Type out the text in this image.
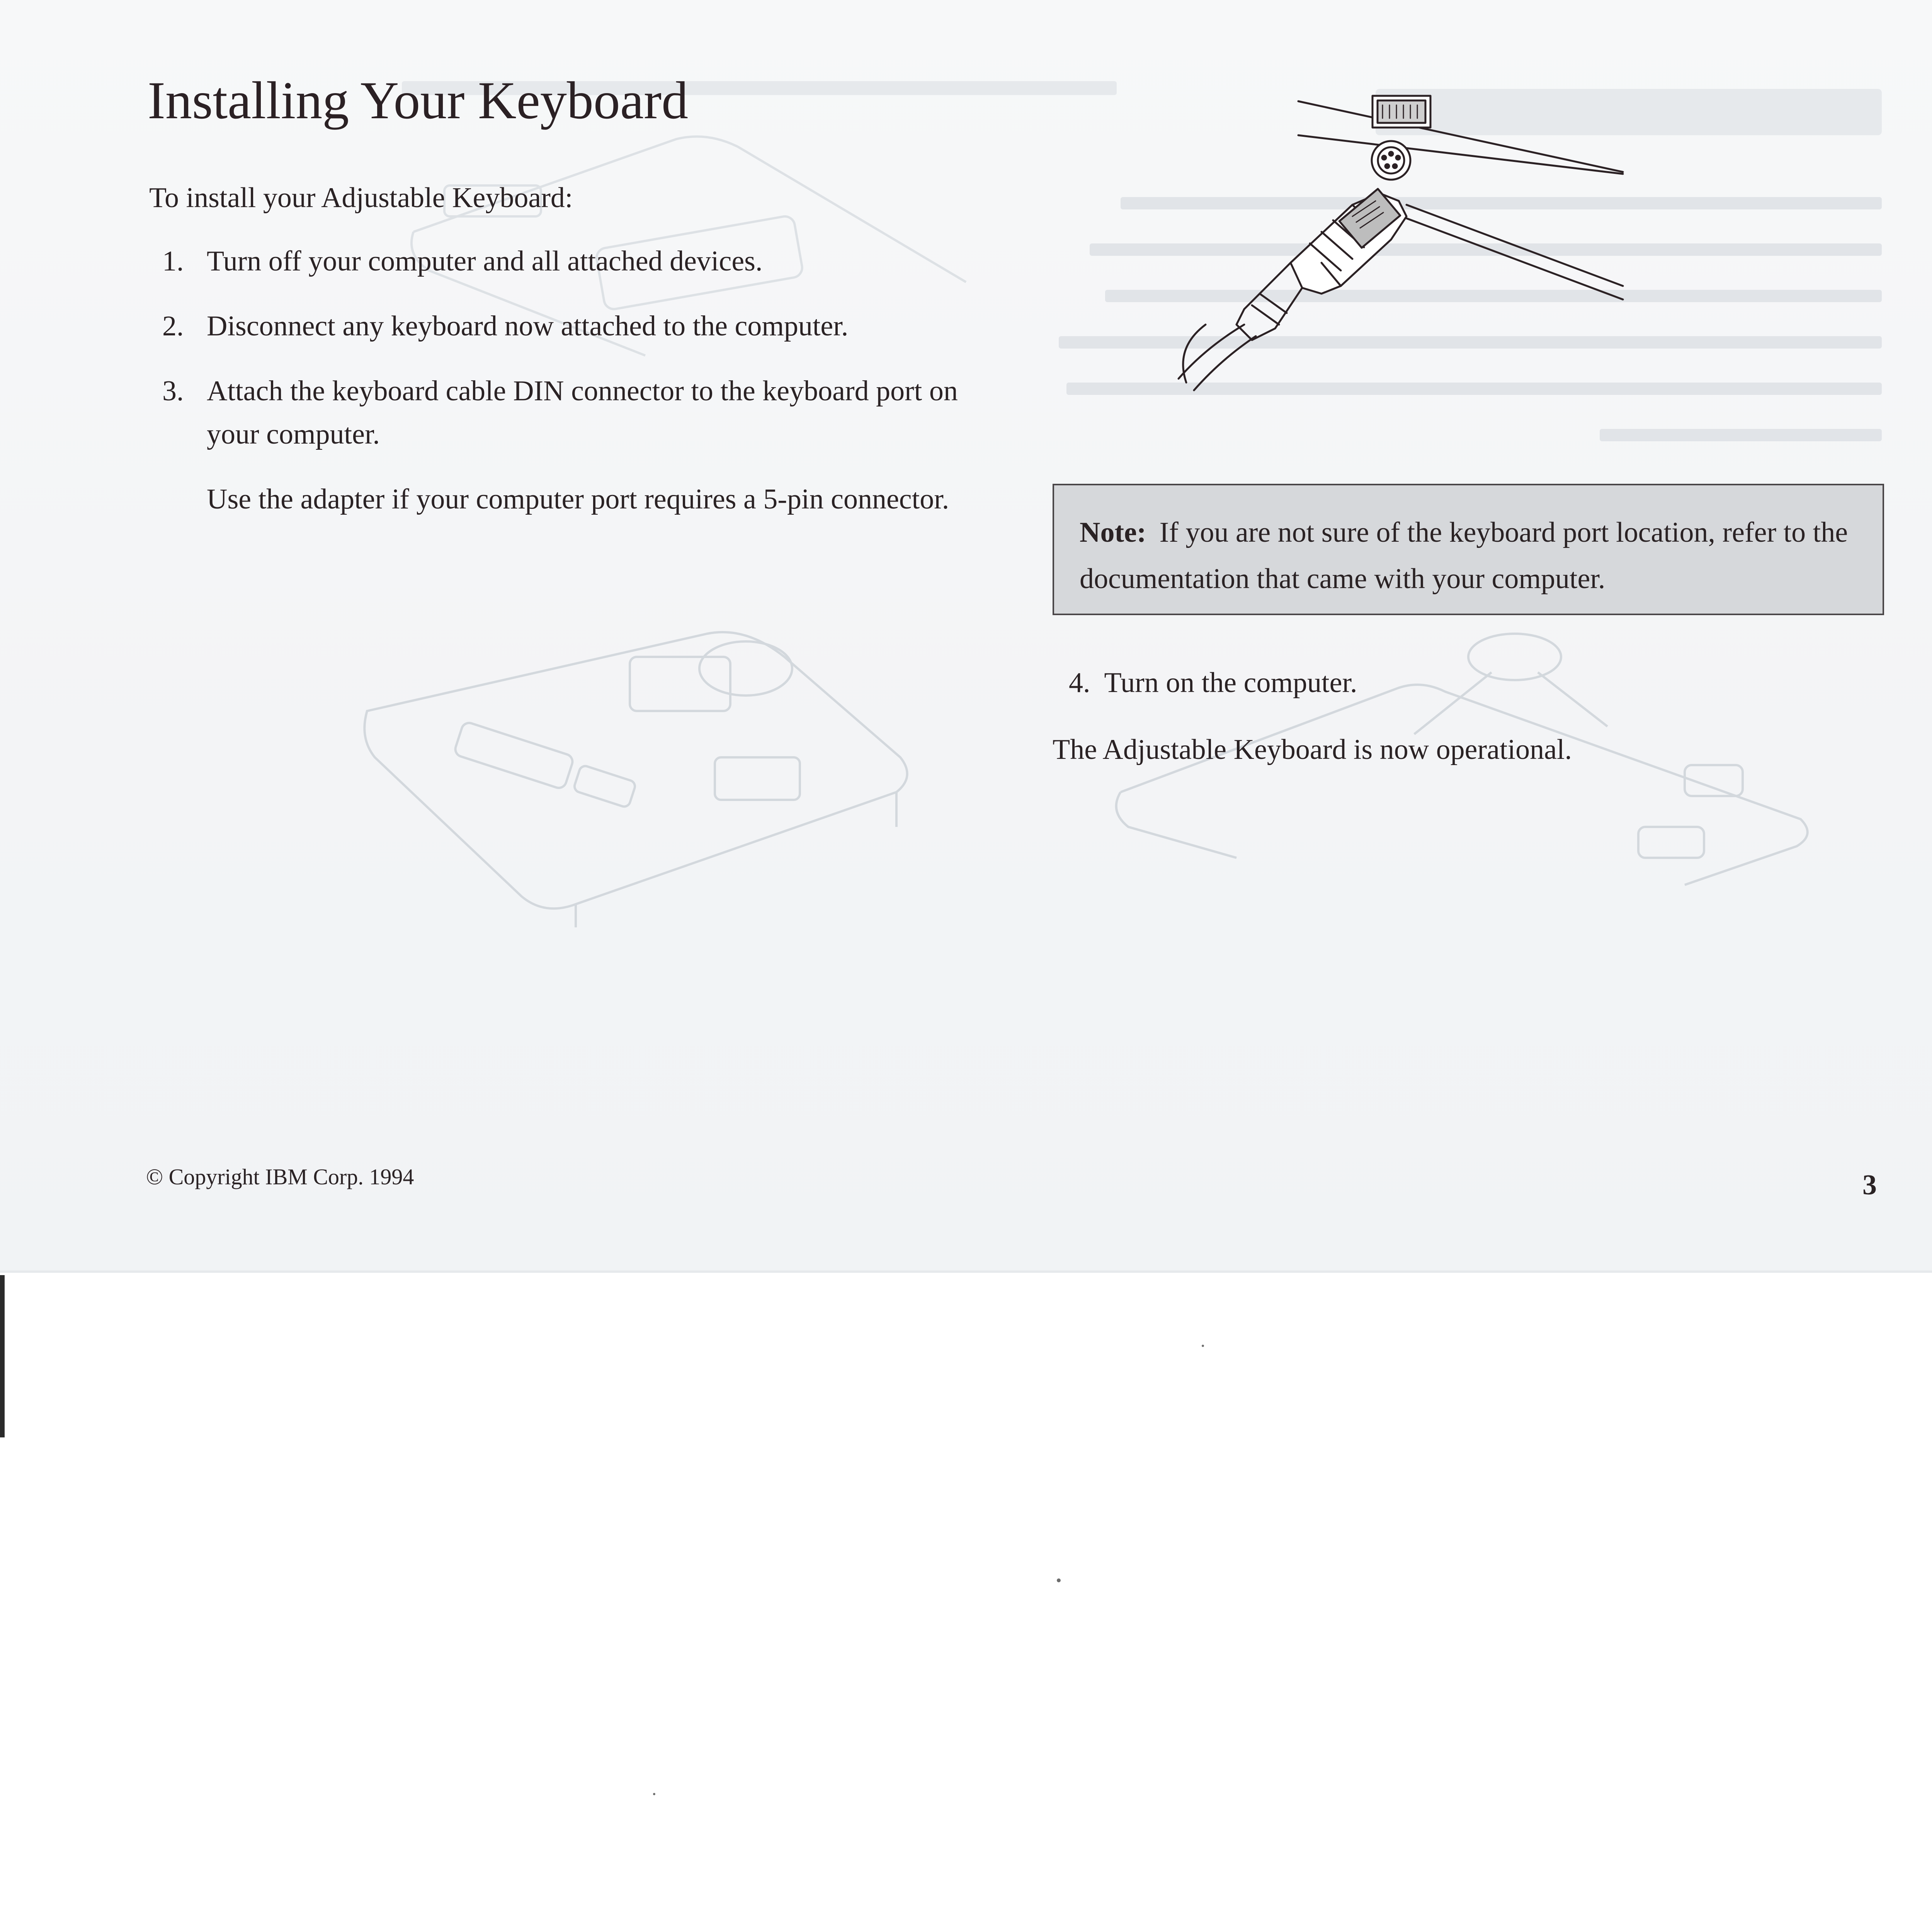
Installing Your Keyboard

To install your Adjustable Keyboard:

1. Turn off your computer and all attached devices.
2. Disconnect any keyboard now attached to the computer.
3. Attach the keyboard cable DIN connector to the keyboard port on your computer.
Use the adapter if your computer port requires a 5-pin connector.
Note: If you are not sure of the keyboard port location, refer to the documentation that came with your computer.

4. Turn on the computer.

The Adjustable Keyboard is now operational.

© Copyright IBM Corp. 1994	3
